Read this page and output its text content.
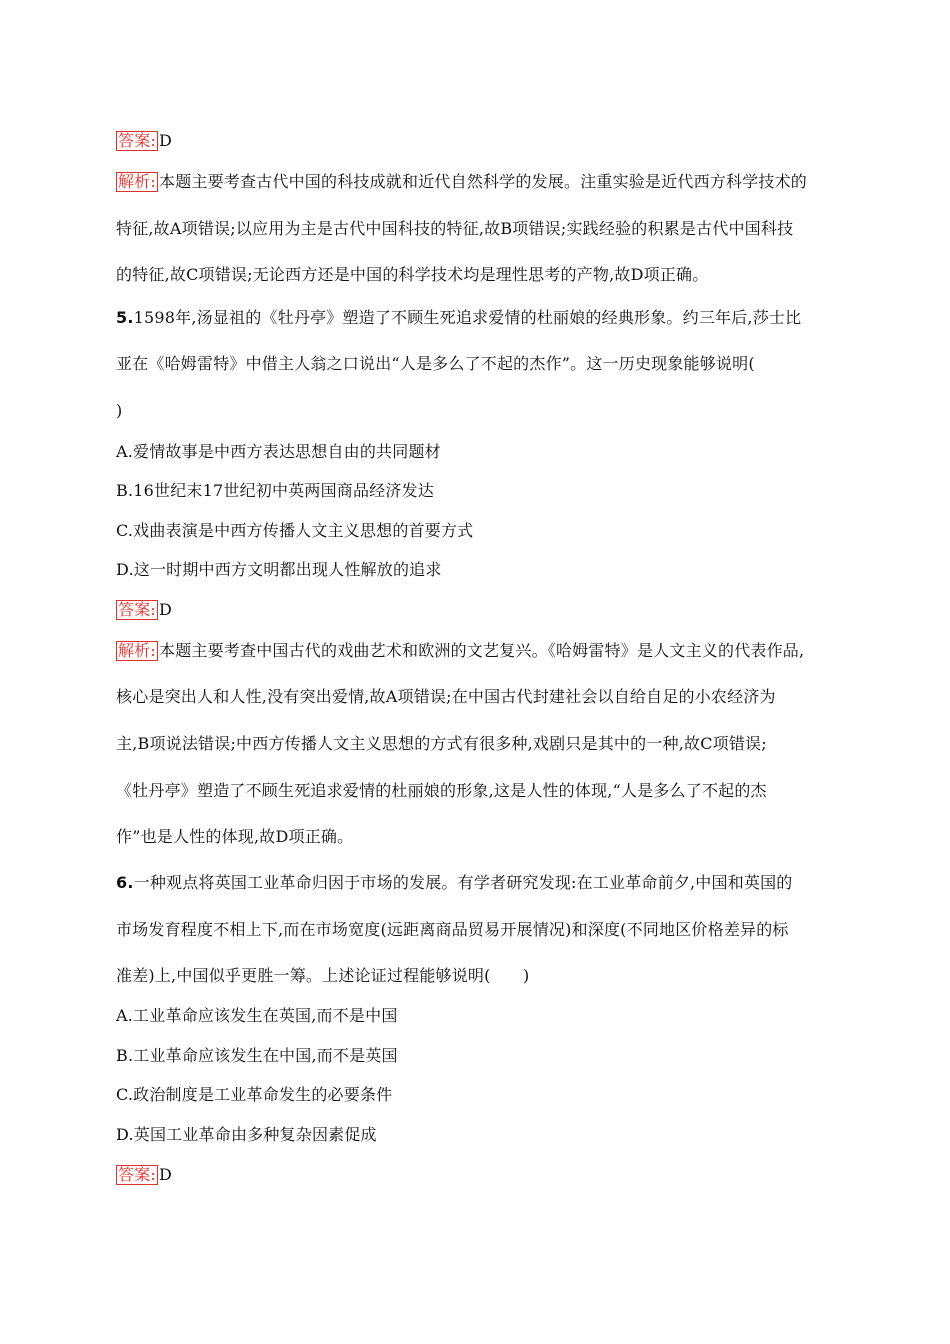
答案: D
解析: 本题主要考查古代中国的科技成就和近代自然科学的发展。注重实验是近代西方科学技术的
特征,故A项错误;以应用为主是古代中国科技的特征,故B项错误;实践经验的积累是古代中国科技
的特征,故C项错误;无论西方还是中国的科学技术均是理性思考的产物,故D项正确。
5.1598年,汤显祖的《牡丹亭》塑造了不顾生死追求爱情的杜丽娘的经典形象。约三年后,莎士比
亚在《哈姆雷特》中借主人翁之口说出“人是多么了不起的杰作”。这一历史现象能够说明(
)
A.爱情故事是中西方表达思想自由的共同题材
B.16世纪末17世纪初中英两国商品经济发达
C.戏曲表演是中西方传播人文主义思想的首要方式
D.这一时期中西方文明都出现人性解放的追求
答案: D
解析: 本题主要考查中国古代的戏曲艺术和欧洲的文艺复兴。《哈姆雷特》是人文主义的代表作品,
核心是突出人和人性,没有突出爱情,故A项错误;在中国古代封建社会以自给自足的小农经济为
主,B项说法错误;中西方传播人文主义思想的方式有很多种,戏剧只是其中的一种,故C项错误;
《牡丹亭》塑造了不顾生死追求爱情的杜丽娘的形象,这是人性的体现,“人是多么了不起的杰
作”也是人性的体现,故D项正确。
6.一种观点将英国工业革命归因于市场的发展。有学者研究发现:在工业革命前夕,中国和英国的
市场发育程度不相上下,而在市场宽度(远距离商品贸易开展情况)和深度(不同地区价格差异的标
准差)上,中国似乎更胜一筹。上述论证过程能够说明(　　)
A.工业革命应该发生在英国,而不是中国
B.工业革命应该发生在中国,而不是英国
C.政治制度是工业革命发生的必要条件
D.英国工业革命由多种复杂因素促成
答案: D
